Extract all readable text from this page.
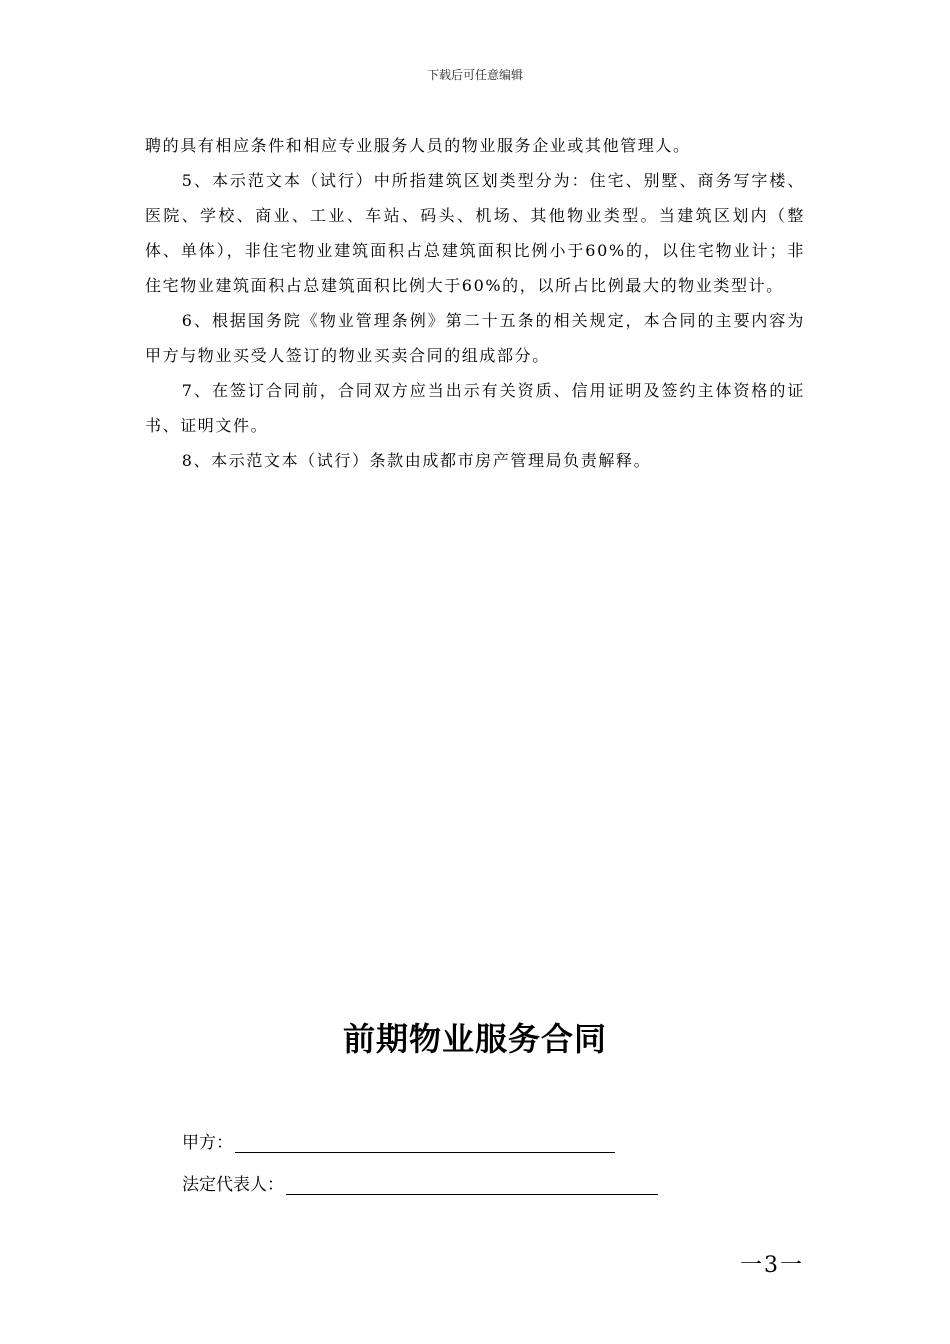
下载后可任意编辑

聘的具有相应条件和相应专业服务人员的物业服务企业或其他管理人。

5、本示范文本（试行）中所指建筑区划类型分为：住宅、别墅、商务写字楼、医院、学校、商业、工业、车站、码头、机场、其他物业类型。当建筑区划内（整体、单体），非住宅物业建筑面积占总建筑面积比例小于60%的，以住宅物业计；非住宅物业建筑面积占总建筑面积比例大于60%的，以所占比例最大的物业类型计。

6、根据国务院《物业管理条例》第二十五条的相关规定，本合同的主要内容为甲方与物业买受人签订的物业买卖合同的组成部分。

7、在签订合同前，合同双方应当出示有关资质、信用证明及签约主体资格的证书、证明文件。

8、本示范文本（试行）条款由成都市房产管理局负责解释。

前期物业服务合同
甲方：
法定代表人：
一3一
